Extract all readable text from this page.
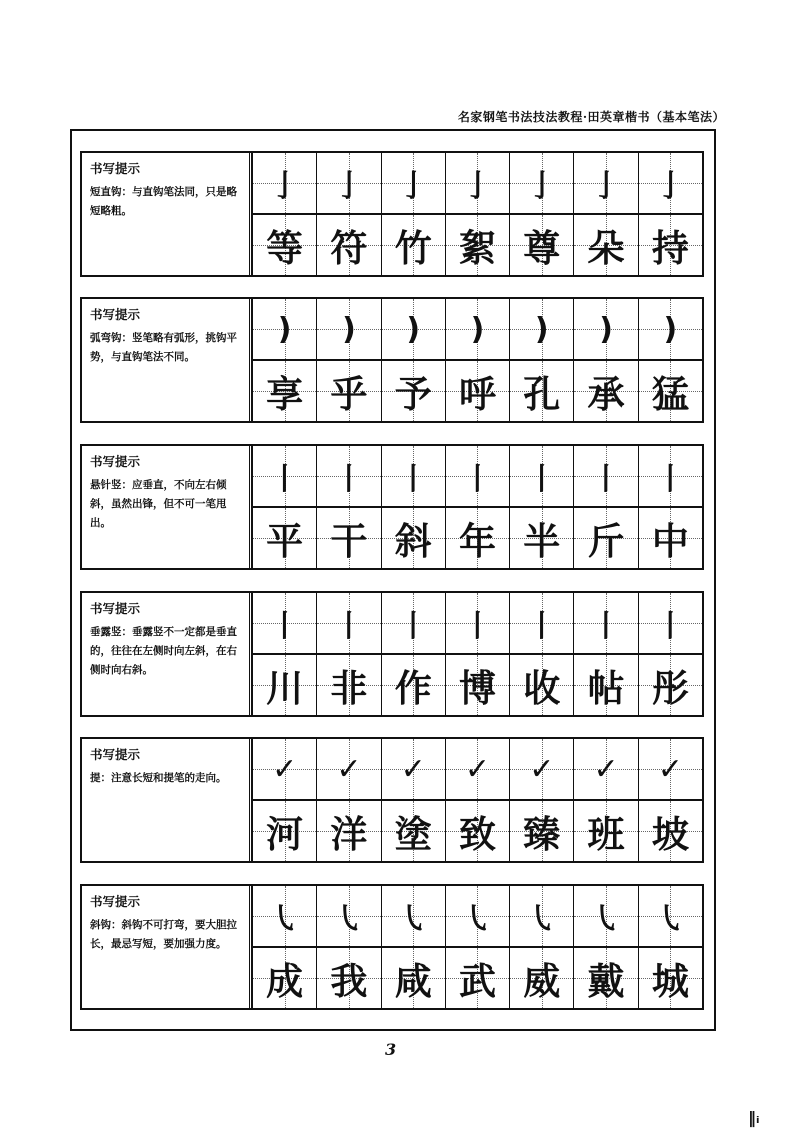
名家钢笔书法技法教程·田英章楷书（基本笔法）
书写提示
短直钩：与直钩笔法同，只是略短略粗。
亅
等
亅
符
亅
竹
亅
絮
亅
尊
亅
朵
亅
持
书写提示
弧弯钩：竖笔略有弧形，挑钩平势，与直钩笔法不同。
)
享
)
乎
)
予
)
呼
)
孔
)
承
)
猛
书写提示
悬针竖：应垂直，不向左右倾斜，虽然出锋，但不可一笔甩出。
丨
平
丨
干
丨
斜
丨
年
丨
半
丨
斤
丨
中
书写提示
垂露竖：垂露竖不一定都是垂直的，往往在左侧时向左斜，在右侧时向右斜。
丨
川
丨
非
丨
作
丨
博
丨
收
丨
帖
丨
彤
书写提示
提：注意长短和提笔的走向。	✓
河
✓
洋
✓
塗
✓
致
✓
臻
✓
班
✓
坡
书写提示
斜钩：斜钩不可打弯，要大胆拉长，最忌写短，要加强力度。
㇂
成
㇂
我
㇂
咸
㇂
武
㇂
威
㇂
戴
㇂
城
3
‖ᵢ
